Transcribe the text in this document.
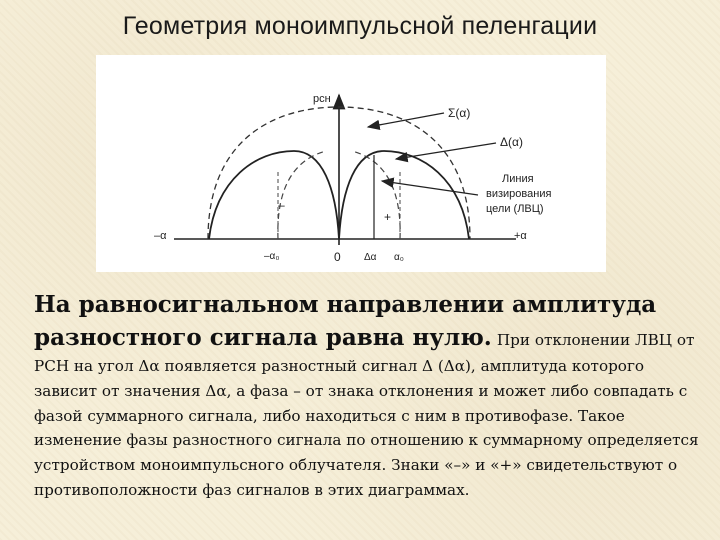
Геометрия моноимпульсной пеленгации
pсн
Σ(α)
Δ(α)
Линия
визирования
цели (ЛВЦ)
–
+
–α	+α
–α₀	0 Δα α₀
На равносигнальном направлении амплитуда
разностного сигнала равна нулю. При отклонении ЛВЦ от РСН на угол Δα появляется разностный сигнал Δ (Δα), амплитуда которого зависит от значения Δα, а фаза – от знака отклонения и может либо совпадать с фазой суммарного сигнала, либо находиться с ним в противофазе. Такое изменение фазы разностного сигнала по отношению к суммарному определяется устройством моноимпульсного облучателя. Знаки «–» и «+» свидетельствуют о противоположности фаз сигналов в этих диаграммах.
